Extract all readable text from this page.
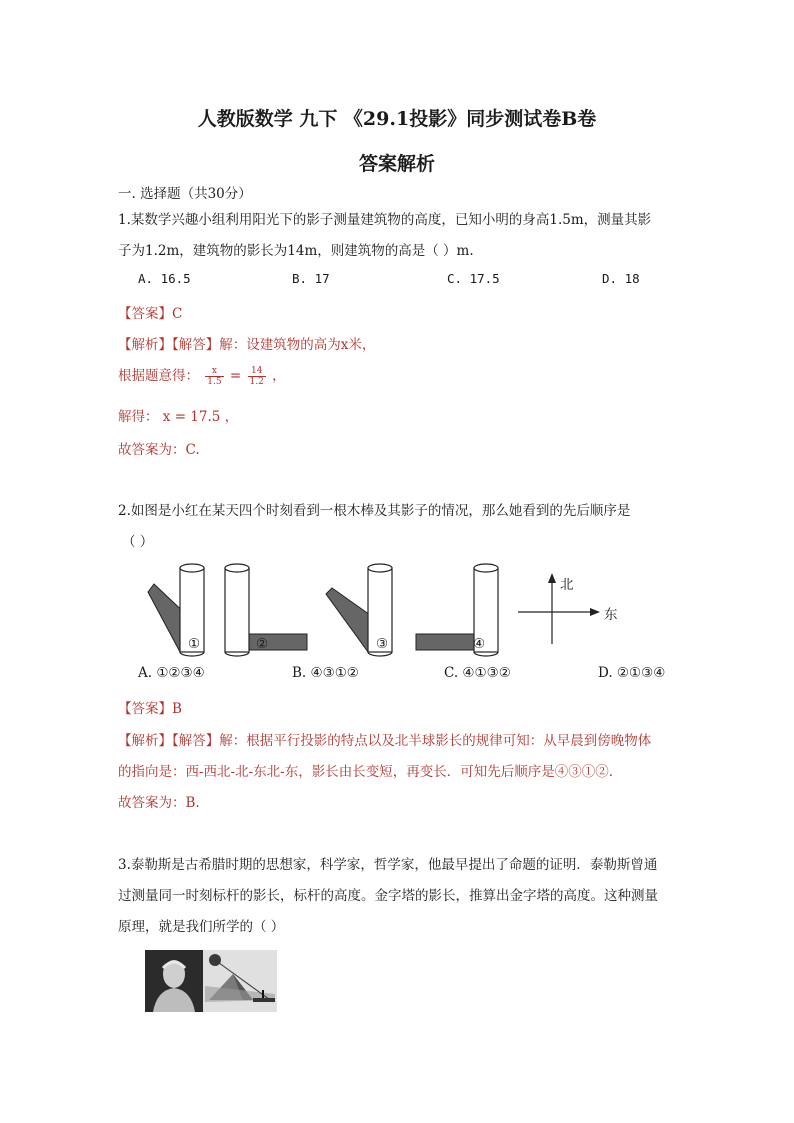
人教版数学 九下 《29.1投影》同步测试卷B卷
答案解析
一. 选择题（共30分）
1.某数学兴趣小组利用阳光下的影子测量建筑物的高度，已知小明的身高1.5m，测量其影
子为1.2m，建筑物的影长为14m，则建筑物的高是（ ）m.
A. 16.5	B. 17	C. 17.5	D. 18
【答案】C
【解析】【解答】解：设建筑物的高为x米，
根据题意得： $\frac{x}{1.5} = \frac{14}{1.2}$ ，
解得： x = 17.5 ，
故答案为：C.
2.如图是小红在某天四个时刻看到一根木棒及其影子的情况，那么她看到的先后顺序是
（ ）
①	②	③	④
北
东
A. ①②③④	B. ④③①②	C. ④①③②	D. ②①③④
【答案】B
【解析】【解答】解：根据平行投影的特点以及北半球影长的规律可知：从早晨到傍晚物体
的指向是：西-西北-北-东北-东，影长由长变短，再变长．可知先后顺序是④③①②．
故答案为：B.
3.泰勒斯是古希腊时期的思想家，科学家，哲学家，他最早提出了命题的证明．泰勒斯曾通
过测量同一时刻标杆的影长，标杆的高度。金字塔的影长，推算出金字塔的高度。这种测量
原理，就是我们所学的（ ）
